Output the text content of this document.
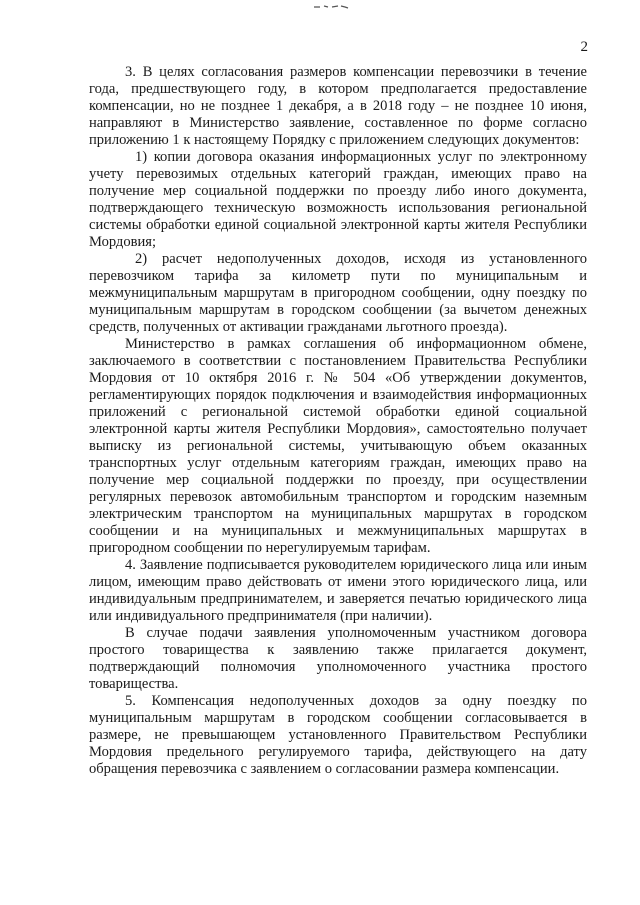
2

3. В целях согласования размеров компенсации перевозчики в течение года, предшествующего году, в котором предполагается предоставление компенсации, но не позднее 1 декабря, а в 2018 году – не позднее 10 июня, направляют в Министерство заявление, составленное по форме согласно приложению 1 к настоящему Порядку с приложением следующих документов:

1) копии договора оказания информационных услуг по электронному учету перевозимых отдельных категорий граждан, имеющих право на получение мер социальной поддержки по проезду либо иного документа, подтверждающего техническую возможность использования региональной системы обработки единой социальной электронной карты жителя Республики Мордовия;

2) расчет недополученных доходов, исходя из установленного перевозчиком тарифа за километр пути по муниципальным и межмуниципальным маршрутам в пригородном сообщении, одну поездку по муниципальным маршрутам в городском сообщении (за вычетом денежных средств, полученных от активации гражданами льготного проезда).

Министерство в рамках соглашения об информационном обмене, заключаемого в соответствии с постановлением Правительства Республики Мордовия от 10 октября 2016 г. № 504 «Об утверждении документов, регламентирующих порядок подключения и взаимодействия информационных приложений с региональной системой обработки единой социальной электронной карты жителя Республики Мордовия», самостоятельно получает выписку из региональной системы, учитывающую объем оказанных транспортных услуг отдельным категориям граждан, имеющих право на получение мер социальной поддержки по проезду, при осуществлении регулярных перевозок автомобильным транспортом и городским наземным электрическим транспортом на муниципальных маршрутах в городском сообщении и на муниципальных и межмуниципальных маршрутах в пригородном сообщении по нерегулируемым тарифам.

4. Заявление подписывается руководителем юридического лица или иным лицом, имеющим право действовать от имени этого юридического лица, или индивидуальным предпринимателем, и заверяется печатью юридического лица или индивидуального предпринимателя (при наличии).

В случае подачи заявления уполномоченным участником договора простого товарищества к заявлению также прилагается документ, подтверждающий полномочия уполномоченного участника простого товарищества.

5. Компенсация недополученных доходов за одну поездку по муниципальным маршрутам в городском сообщении согласовывается в размере, не превышающем установленного Правительством Республики Мордовия предельного регулируемого тарифа, действующего на дату обращения перевозчика с заявлением о согласовании размера компенсации.
